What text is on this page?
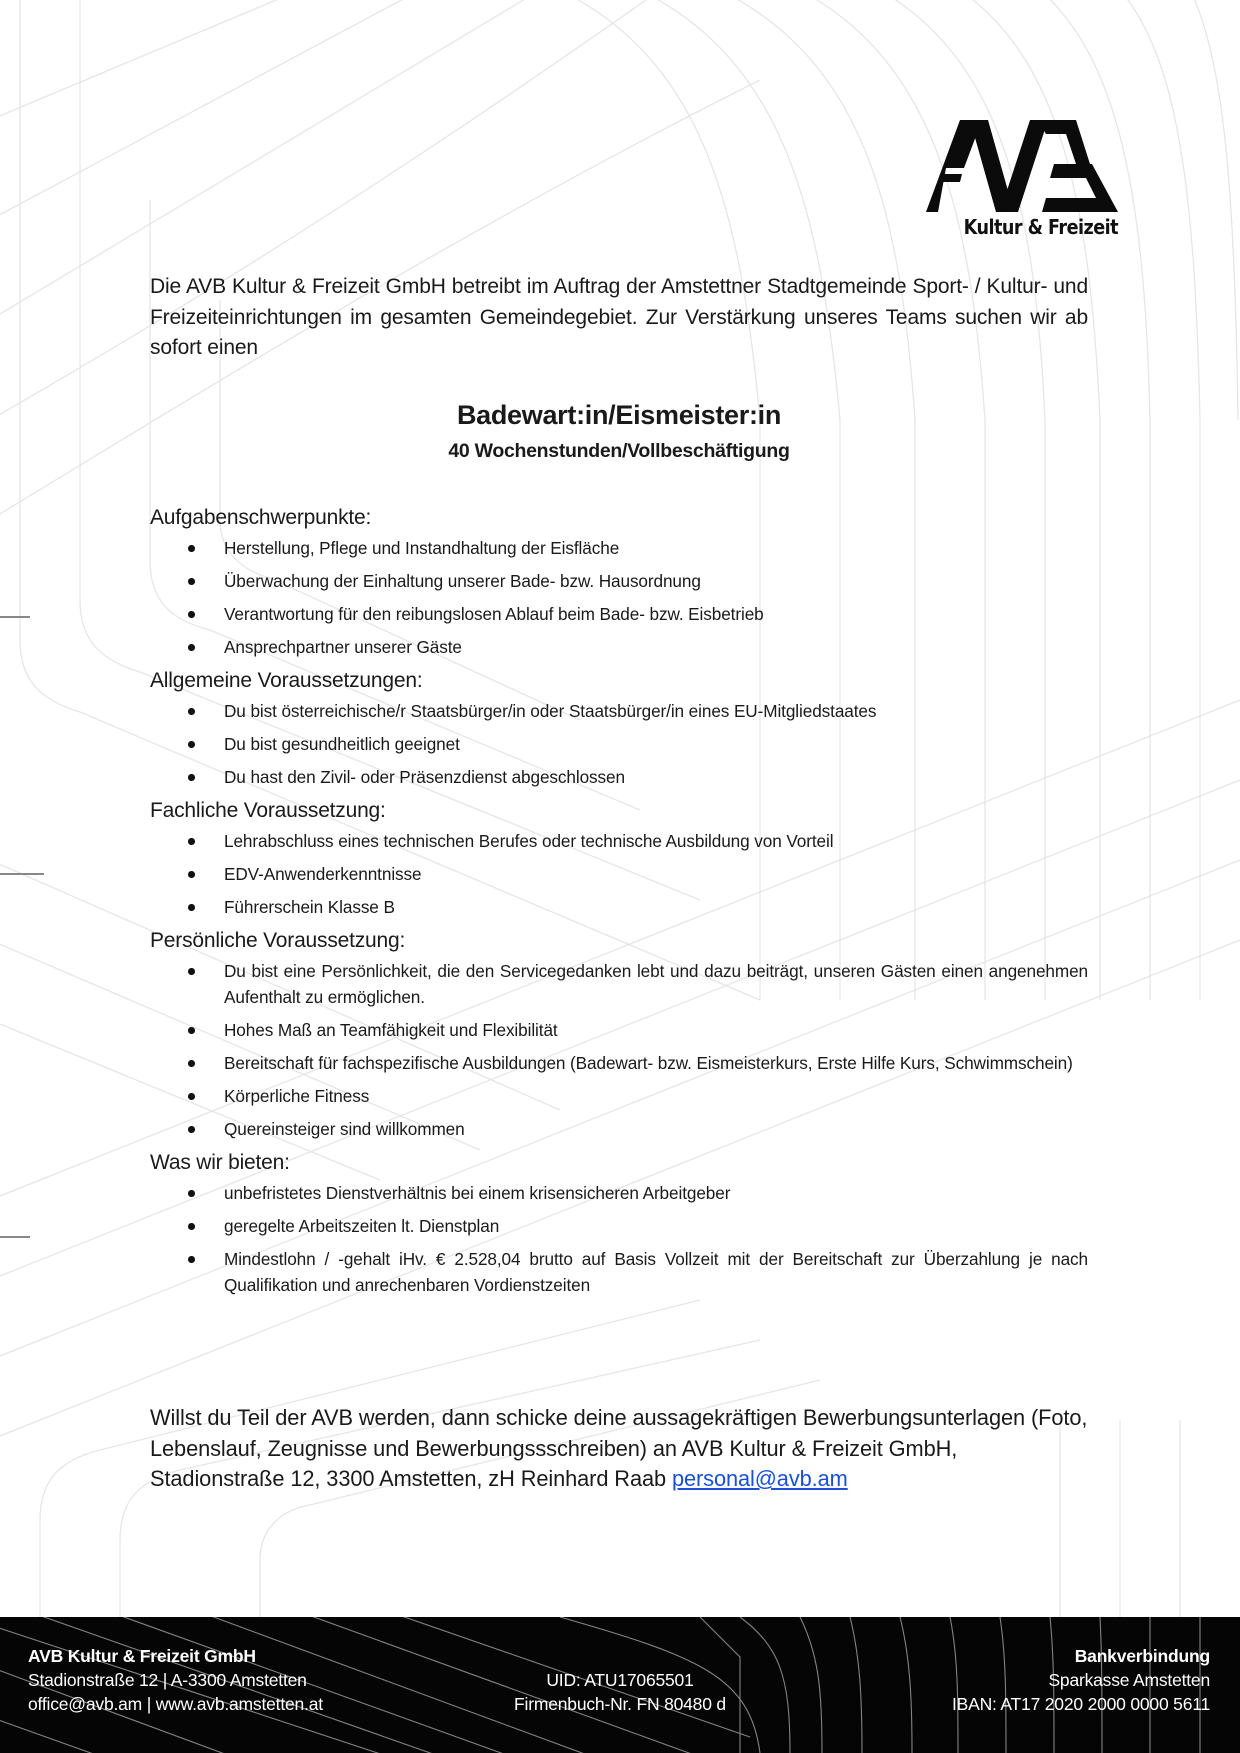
Kultur & Freizeit
Die AVB Kultur & Freizeit GmbH betreibt im Auftrag der Amstettner Stadtgemeinde Sport- / Kultur- und Freizeiteinrichtungen im gesamten Gemeindegebiet. Zur Verstärkung unseres Teams suchen wir ab sofort einen
Badewart:in/Eismeister:in
40 Wochenstunden/Vollbeschäftigung
Aufgabenschwerpunkte:
Herstellung, Pflege und Instandhaltung der Eisfläche
Überwachung der Einhaltung unserer Bade- bzw. Hausordnung
Verantwortung für den reibungslosen Ablauf beim Bade- bzw. Eisbetrieb
Ansprechpartner unserer Gäste
Allgemeine Voraussetzungen:
Du bist österreichische/r Staatsbürger/in oder Staatsbürger/in eines EU-Mitgliedstaates
Du bist gesundheitlich geeignet
Du hast den Zivil- oder Präsenzdienst abgeschlossen
Fachliche Voraussetzung:
Lehrabschluss eines technischen Berufes oder technische Ausbildung von Vorteil
EDV-Anwenderkenntnisse
Führerschein Klasse B
Persönliche Voraussetzung:
Du bist eine Persönlichkeit, die den Servicegedanken lebt und dazu beiträgt, unseren Gästen einen angenehmen Aufenthalt zu ermöglichen.
Hohes Maß an Teamfähigkeit und Flexibilität
Bereitschaft für fachspezifische Ausbildungen (Badewart- bzw. Eismeisterkurs, Erste Hilfe Kurs, Schwimmschein)
Körperliche Fitness
Quereinsteiger sind willkommen
Was wir bieten:
unbefristetes Dienstverhältnis bei einem krisensicheren Arbeitgeber
geregelte Arbeitszeiten lt. Dienstplan
Mindestlohn / -gehalt iHv. € 2.528,04 brutto auf Basis Vollzeit mit der Bereitschaft zur Überzahlung je nach Qualifikation und anrechenbaren Vordienstzeiten
Willst du Teil der AVB werden, dann schicke deine aussagekräftigen Bewerbungsunterlagen (Foto, Lebenslauf, Zeugnisse und Bewerbungssschreiben) an AVB Kultur & Freizeit GmbH, Stadionstraße 12, 3300 Amstetten, zH Reinhard Raab personal@avb.am
AVB Kultur & Freizeit GmbH
Stadionstraße 12 | A-3300 Amstetten
office@avb.am | www.avb.amstetten.at
UID: ATU17065501
Firmenbuch-Nr. FN 80480 d
Bankverbindung
Sparkasse Amstetten
IBAN: AT17 2020 2000 0000 5611
